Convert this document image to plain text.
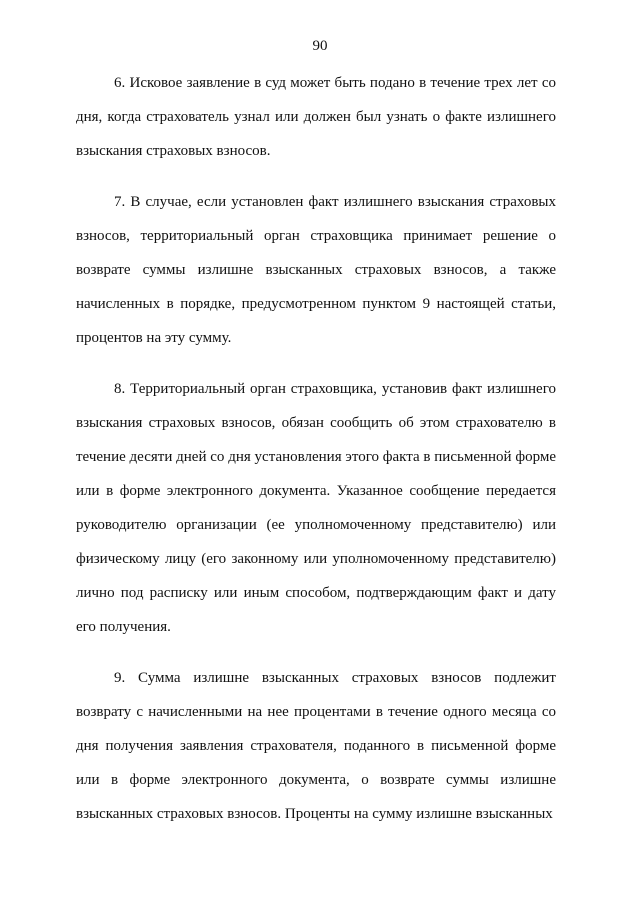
90

6. Исковое заявление в суд может быть подано в течение трех лет со дня, когда страхователь узнал или должен был узнать о факте излишнего взыскания страховых взносов.

7. В случае, если установлен факт излишнего взыскания страховых взносов, территориальный орган страховщика принимает решение о возврате суммы излишне взысканных страховых взносов, а также начисленных в порядке, предусмотренном пунктом 9 настоящей статьи, процентов на эту сумму.

8. Территориальный орган страховщика, установив факт излишнего взыскания страховых взносов, обязан сообщить об этом страхователю в течение десяти дней со дня установления этого факта в письменной форме или в форме электронного документа. Указанное сообщение передается руководителю организации (ее уполномоченному представителю) или физическому лицу (его законному или уполномоченному представителю) лично под расписку или иным способом, подтверждающим факт и дату его получения.

9. Сумма излишне взысканных страховых взносов подлежит возврату с начисленными на нее процентами в течение одного месяца со дня получения заявления страхователя, поданного в письменной форме или в форме электронного документа, о возврате суммы излишне взысканных страховых взносов. Проценты на сумму излишне взысканных
